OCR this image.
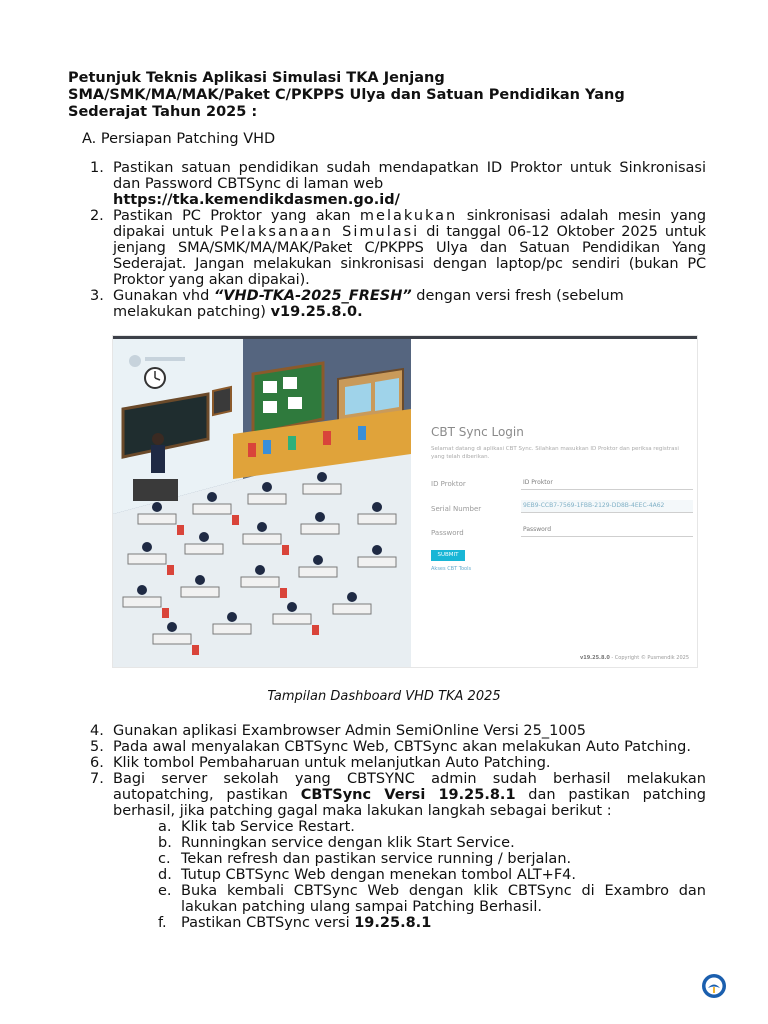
Petunjuk Teknis Aplikasi Simulasi TKA Jenjang
SMA/SMK/MA/MAK/Paket C/PKPPS Ulya dan Satuan Pendidikan Yang
Sederajat Tahun 2025 :
A. Persiapan Patching VHD
1. Pastikan satuan pendidikan sudah mendapatkan ID Proktor untuk Sinkronisasi dan Password CBTSync di laman web
https://tka.kemendikdasmen.go.id/
2. Pastikan PC Proktor yang akan melakukan sinkronisasi adalah mesin yang dipakai untuk Pelaksanaan Simulasi di tanggal 06-12 Oktober 2025 untuk jenjang SMA/SMK/MA/MAK/Paket C/PKPPS Ulya dan Satuan Pendidikan Yang Sederajat. Jangan melakukan sinkronisasi dengan laptop/pc sendiri (bukan PC Proktor yang akan dipakai).
3. Gunakan vhd “VHD-TKA-2025_FRESH” dengan versi fresh (sebelum melakukan patching) v19.25.8.0.
CBT Sync Login
Selamat datang di aplikasi CBT Sync. Silahkan masukkan ID Proktor dan periksa registrasi yang telah diberikan.
ID Proktor	ID Proktor
Serial Number	9EB9-CCB7-7569-1FBB-2129-DD8B-4EEC-4A62
Password	Password
SUBMIT
Akses CBT Tools
v19.25.8.0 - Copyright © Pusmendik 2025
Tampilan Dashboard VHD TKA 2025
4. Gunakan aplikasi Exambrowser Admin SemiOnline Versi 25_1005
5. Pada awal menyalakan CBTSync Web, CBTSync akan melakukan Auto Patching.
6. Klik tombol Pembaharuan untuk melanjutkan Auto Patching.
7. Bagi server sekolah yang CBTSYNC admin sudah berhasil melakukan autopatching, pastikan CBTSync Versi 19.25.8.1 dan pastikan patching berhasil, jika patching gagal maka lakukan langkah sebagai berikut :
a. Klik tab Service Restart.
b. Runningkan service dengan klik Start Service.
c. Tekan refresh dan pastikan service running / berjalan.
d. Tutup CBTSync Web dengan menekan tombol ALT+F4.
e. Buka kembali CBTSync Web dengan klik CBTSync di Exambro dan lakukan patching ulang sampai Patching Berhasil.
f. Pastikan CBTSync versi 19.25.8.1
